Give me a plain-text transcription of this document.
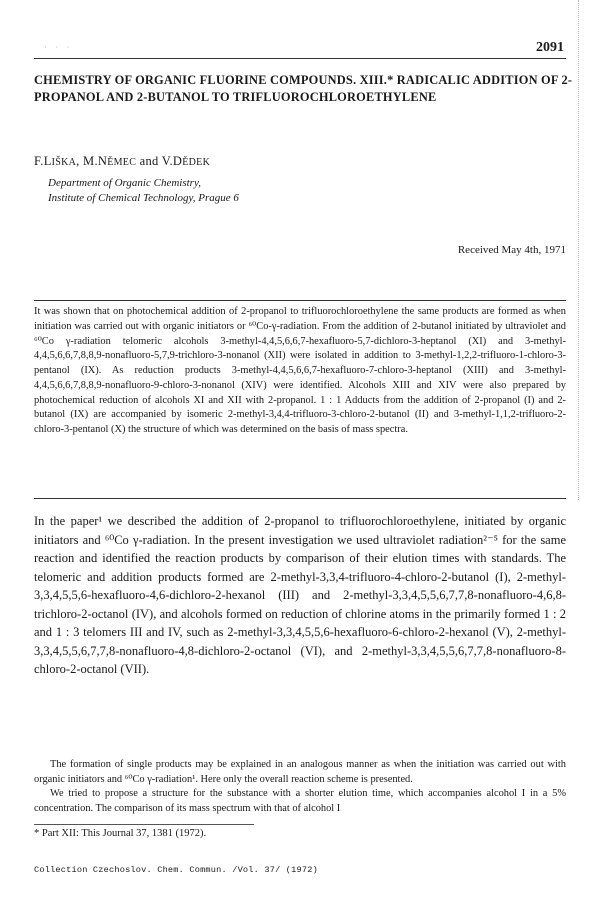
· · ·	2091
CHEMISTRY OF ORGANIC FLUORINE COMPOUNDS. XIII.* RADICALIC ADDITION OF 2-PROPANOL AND 2-BUTANOL TO TRIFLUOROCHLOROETHYLENE
F.LIŠKA, M.NĚMEC and V.DĚDEK
Department of Organic Chemistry,
Institute of Chemical Technology, Prague 6
Received May 4th, 1971

It was shown that on photochemical addition of 2-propanol to trifluorochloroethylene the same products are formed as when initiation was carried out with organic initiators or ⁶⁰Co-γ-radiation. From the addition of 2-butanol initiated by ultraviolet and ⁶⁰Co γ-radiation telomeric alcohols 3-methyl-4,4,5,6,6,7-hexafluoro-5,7-dichloro-3-heptanol (XI) and 3-methyl-4,4,5,6,6,7,8,8,9-nonafluoro-5,7,9-trichloro-3-nonanol (XII) were isolated in addition to 3-methyl-1,2,2-trifluoro-1-chloro-3-pentanol (IX). As reduction products 3-methyl-4,4,5,6,6,7-hexafluoro-7-chloro-3-heptanol (XIII) and 3-methyl-4,4,5,6,6,7,8,8,9-nonafluoro-9-chloro-3-nonanol (XIV) were identified. Alcohols XIII and XIV were also prepared by photochemical reduction of alcohols XI and XII with 2-propanol. 1 : 1 Adducts from the addition of 2-propanol (I) and 2-butanol (IX) are accompanied by isomeric 2-methyl-3,4,4-trifluoro-3-chloro-2-butanol (II) and 3-methyl-1,1,2-trifluoro-2-chloro-3-pentanol (X) the structure of which was determined on the basis of mass spectra.

In the paper¹ we described the addition of 2-propanol to trifluorochloroethylene, initiated by organic initiators and ⁶⁰Co γ-radiation. In the present investigation we used ultraviolet radiation²⁻⁵ for the same reaction and identified the reaction products by comparison of their elution times with standards. The telomeric and addition products formed are 2-methyl-3,3,4-trifluoro-4-chloro-2-butanol (I), 2-methyl-3,3,4,5,5,6-hexafluoro-4,6-dichloro-2-hexanol (III) and 2-methyl-3,3,4,5,5,6,7,7,8-nonafluoro-4,6,8-trichloro-2-octanol (IV), and alcohols formed on reduction of chlorine atoms in the primarily formed 1 : 2 and 1 : 3 telomers III and IV, such as 2-methyl-3,3,4,5,5,6-hexafluoro-6-chloro-2-hexanol (V), 2-methyl-3,3,4,5,5,6,7,7,8-nonafluoro-4,8-dichloro-2-octanol (VI), and 2-methyl-3,3,4,5,5,6,7,7,8-nonafluoro-8-chloro-2-octanol (VII).

The formation of single products may be explained in an analogous manner as when the initiation was carried out with organic initiators and ⁶⁰Co γ-radiation¹. Here only the overall reaction scheme is presented.

We tried to propose a structure for the substance with a shorter elution time, which accompanies alcohol I in a 5% concentration. The comparison of its mass spectrum with that of alcohol I

* Part XII: This Journal 37, 1381 (1972).
Collection Czechoslov. Chem. Commun. /Vol. 37/ (1972)
